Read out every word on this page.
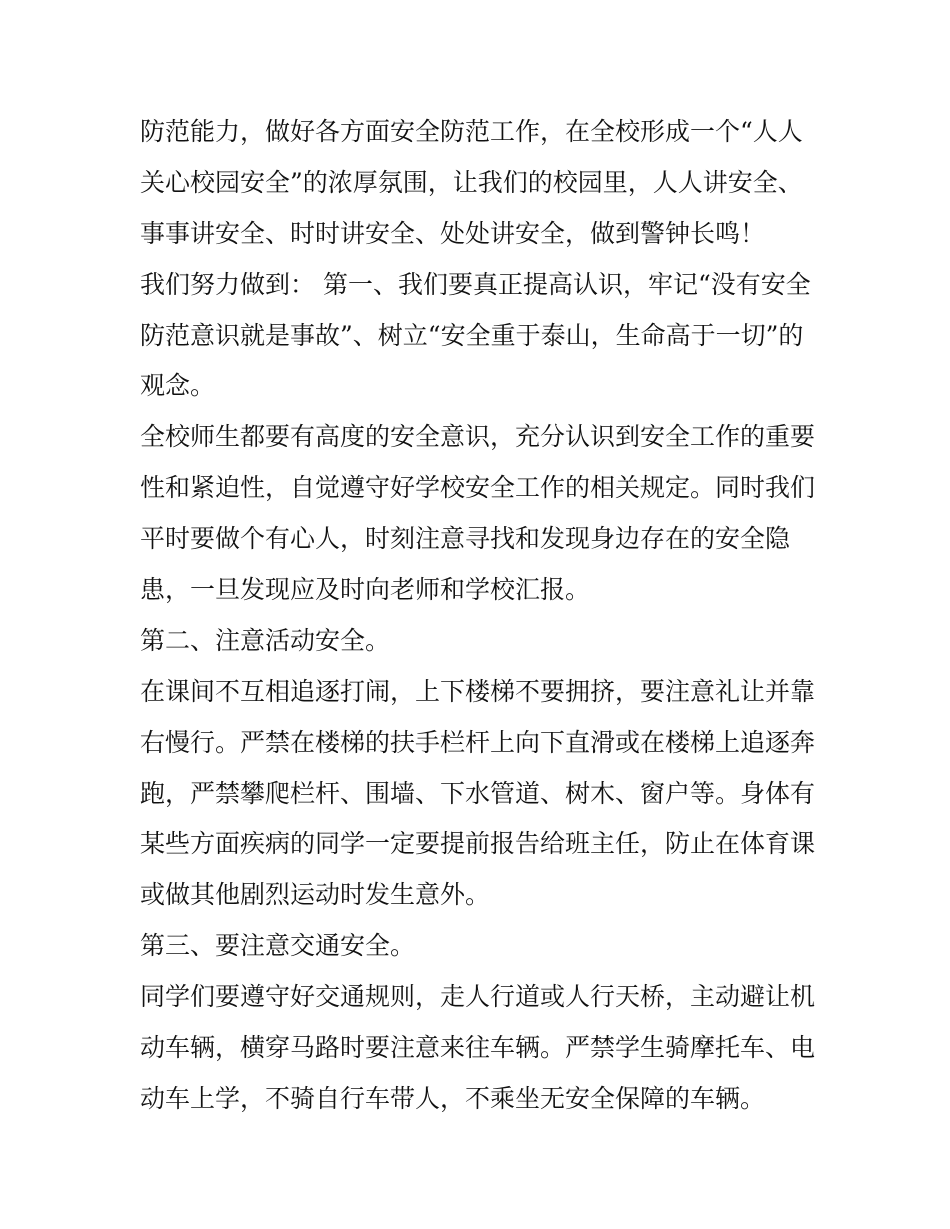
防范能力，做好各方面安全防范工作，在全校形成一个“人人
关心校园安全”的浓厚氛围，让我们的校园里，人人讲安全、
事事讲安全、时时讲安全、处处讲安全，做到警钟长鸣！
我们努力做到： 第一、我们要真正提高认识，牢记“没有安全
防范意识就是事故”、树立“安全重于泰山，生命高于一切”的
观念。
全校师生都要有高度的安全意识，充分认识到安全工作的重要
性和紧迫性，自觉遵守好学校安全工作的相关规定。同时我们
平时要做个有心人，时刻注意寻找和发现身边存在的安全隐
患，一旦发现应及时向老师和学校汇报。
第二、注意活动安全。
在课间不互相追逐打闹，上下楼梯不要拥挤，要注意礼让并靠
右慢行。严禁在楼梯的扶手栏杆上向下直滑或在楼梯上追逐奔
跑，严禁攀爬栏杆、围墙、下水管道、树木、窗户等。身体有
某些方面疾病的同学一定要提前报告给班主任，防止在体育课
或做其他剧烈运动时发生意外。
第三、要注意交通安全。
同学们要遵守好交通规则，走人行道或人行天桥，主动避让机
动车辆，横穿马路时要注意来往车辆。严禁学生骑摩托车、电
动车上学，不骑自行车带人，不乘坐无安全保障的车辆。
